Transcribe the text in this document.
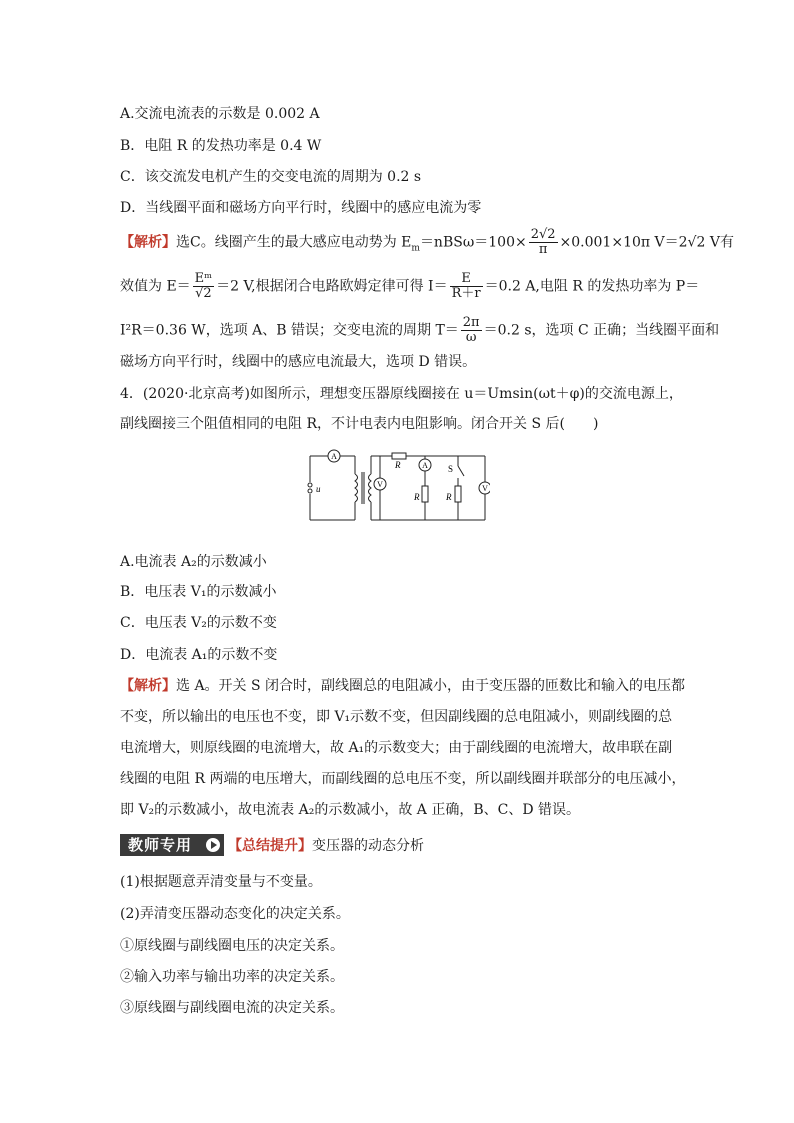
A.交流电流表的示数是 0.002 A
B．电阻 R 的发热功率是 0.4 W
C．该交流发电机产生的交变电流的周期为 0.2 s
D．当线圈平面和磁场方向平行时，线圈中的感应电流为零
【解析】选C。线圈产生的最大感应电动势为 $E_m=nBS\omega=100\times \frac{2√2}{\pi} \times 0.001\times 10\pi$ V＝2√2 V有
效值为 $E= \frac{\text{Eᵐ}}{√2} =2$ V,根据闭合电路欧姆定律可得 $I= \frac{E}{R+r} =0.2$ A,电阻 R 的发热功率为 P＝
I²R＝0.36 W，选项 A、B 错误；交变电流的周期 $T= \frac{2\pi}{\omega} =0.2$ s，选项 C 正确；当线圈平面和
磁场方向平行时，线圈中的感应电流最大，选项 D 错误。
4．(2020·北京高考)如图所示，理想变压器原线圈接在 u＝Umsin(ωt＋φ)的交流电源上，
副线圈接三个阻值相同的电阻 R，不计电表内电阻影响。闭合开关 S 后(　　)
u
A
V
A
V
R
R	R
S
A.电流表 A₂的示数减小
B．电压表 V₁的示数减小
C．电压表 V₂的示数不变
D．电流表 A₁的示数不变
【解析】选 A。开关 S 闭合时，副线圈总的电阻减小，由于变压器的匝数比和输入的电压都
不变，所以输出的电压也不变，即 V₁示数不变，但因副线圈的总电阻减小，则副线圈的总
电流增大，则原线圈的电流增大，故 A₁的示数变大；由于副线圈的电流增大，故串联在副
线圈的电阻 R 两端的电压增大，而副线圈的总电压不变，所以副线圈并联部分的电压减小，
即 V₂的示数减小，故电流表 A₂的示数减小，故 A 正确，B、C、D 错误。
教师专用	【总结提升】变压器的动态分析
(1)根据题意弄清变量与不变量。
(2)弄清变压器动态变化的决定关系。
①原线圈与副线圈电压的决定关系。
②输入功率与输出功率的决定关系。
③原线圈与副线圈电流的决定关系。
